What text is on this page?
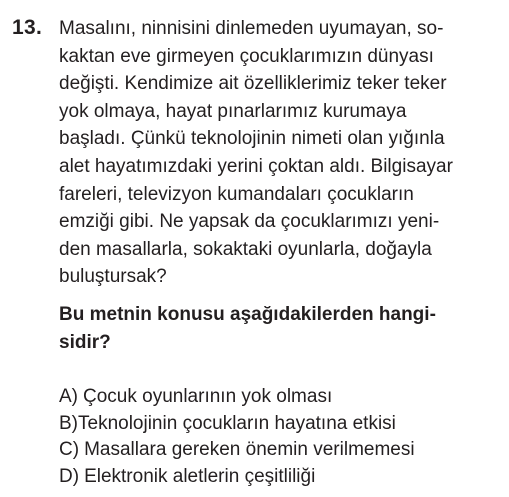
13. Masalını, ninnisini dinlemeden uyumayan, so-
kaktan eve girmeyen çocuklarımızın dünyası
değişti. Kendimize ait özelliklerimiz teker teker
yok olmaya, hayat pınarlarımız kurumaya
başladı. Çünkü teknolojinin nimeti olan yığınla
alet hayatımızdaki yerini çoktan aldı. Bilgisayar
fareleri, televizyon kumandaları çocukların
emziği gibi. Ne yapsak da çocuklarımızı yeni-
den masallarla, sokaktaki oyunlarla, doğayla
buluştursak?
Bu metnin konusu aşağıdakilerden hangi-
sidir?
A) Çocuk oyunlarının yok olması
B)Teknolojinin çocukların hayatına etkisi
C) Masallara gereken önemin verilmemesi
D) Elektronik aletlerin çeşitliliği
